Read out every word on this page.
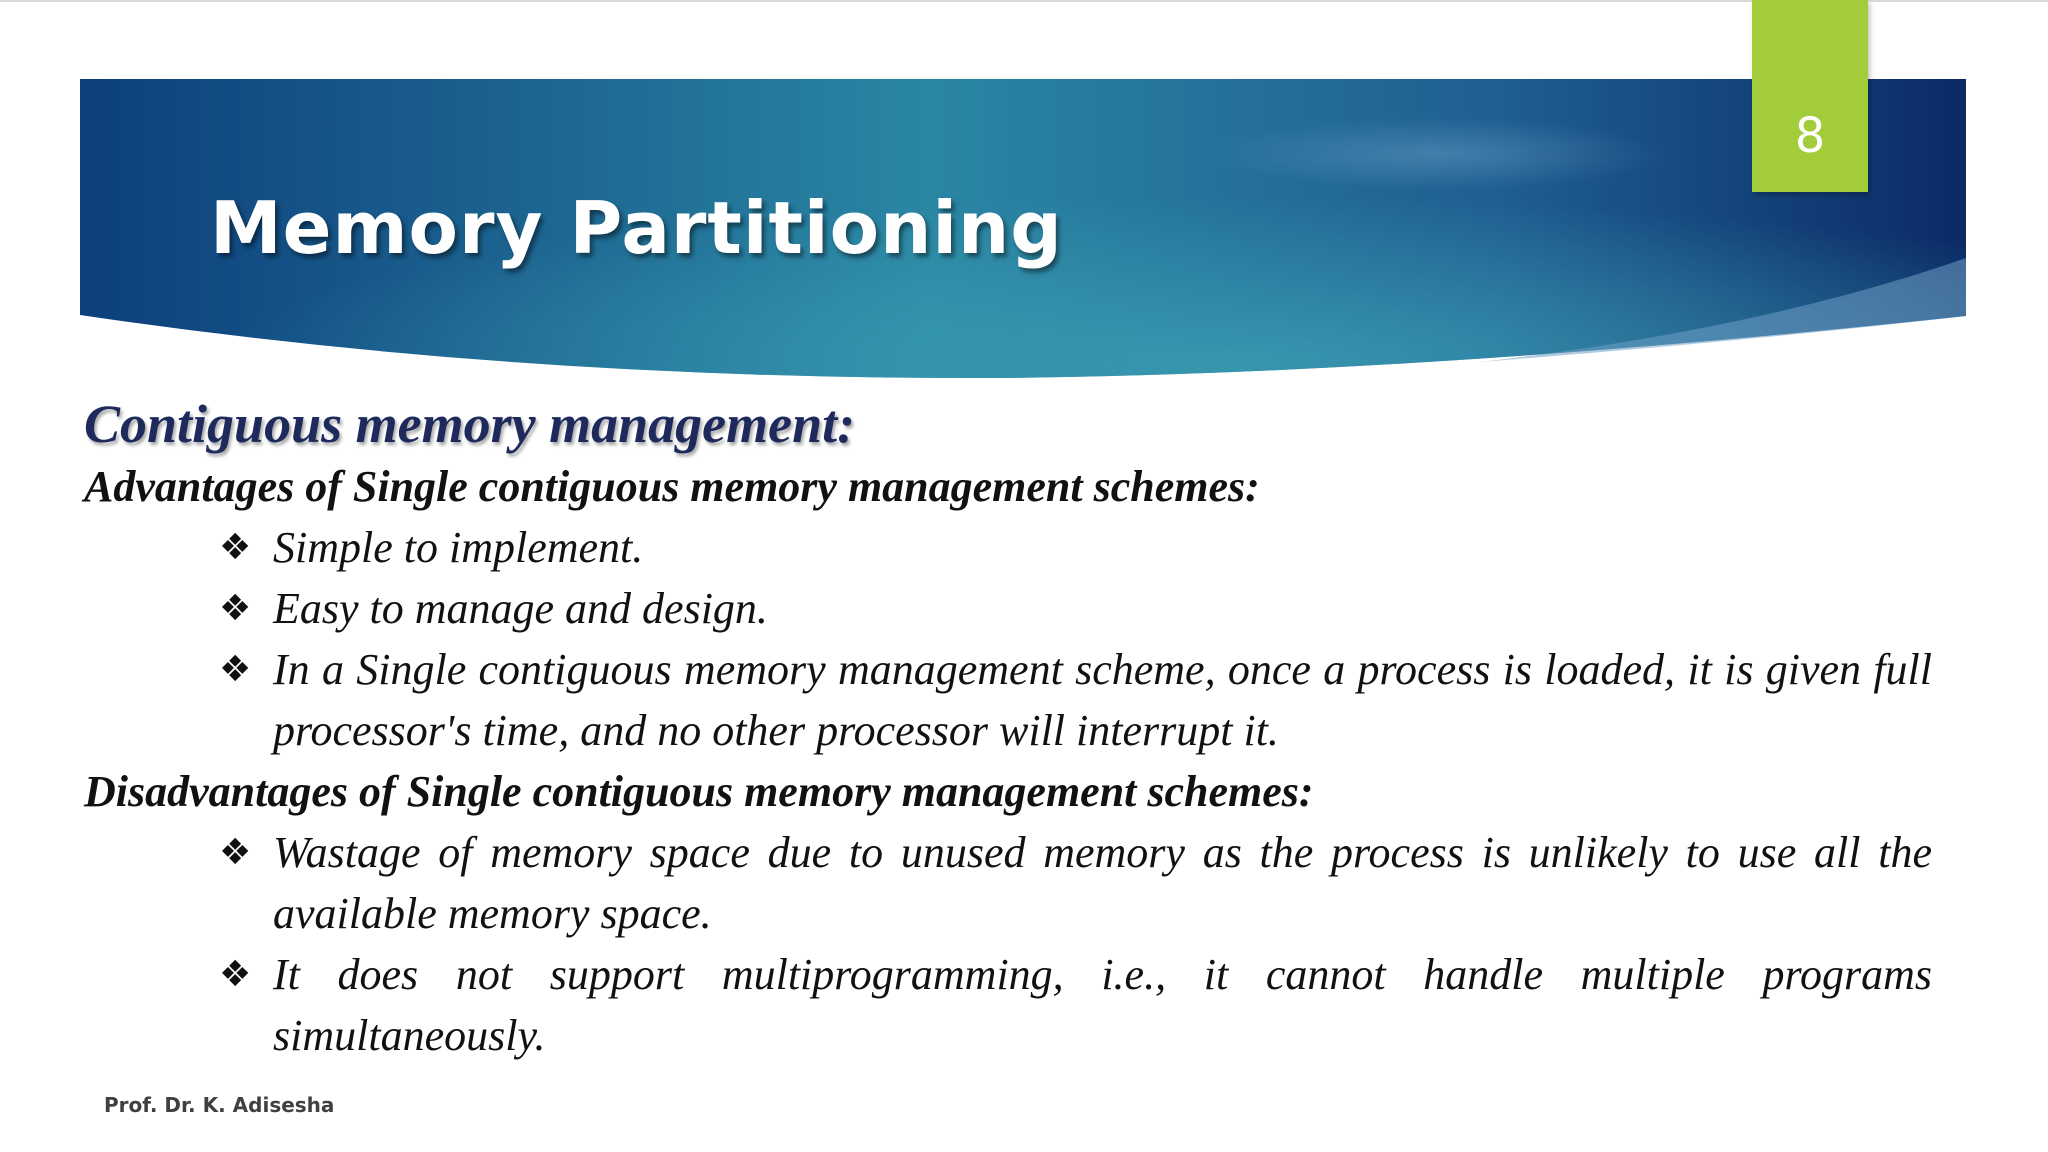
Memory Partitioning
8
Contiguous memory management:

Advantages of Single contiguous memory management schemes:

❖ Simple to implement.
❖ Easy to manage and design.
❖ In a Single contiguous memory management scheme, once a process is loaded, it is given full processor's time, and no other processor will interrupt it.

Disadvantages of Single contiguous memory management schemes:

❖ Wastage of memory space due to unused memory as the process is unlikely to use all the available memory space.
❖ It does not support multiprogramming, i.e., it cannot handle multiple programs simultaneously.
Prof. Dr. K. Adisesha
